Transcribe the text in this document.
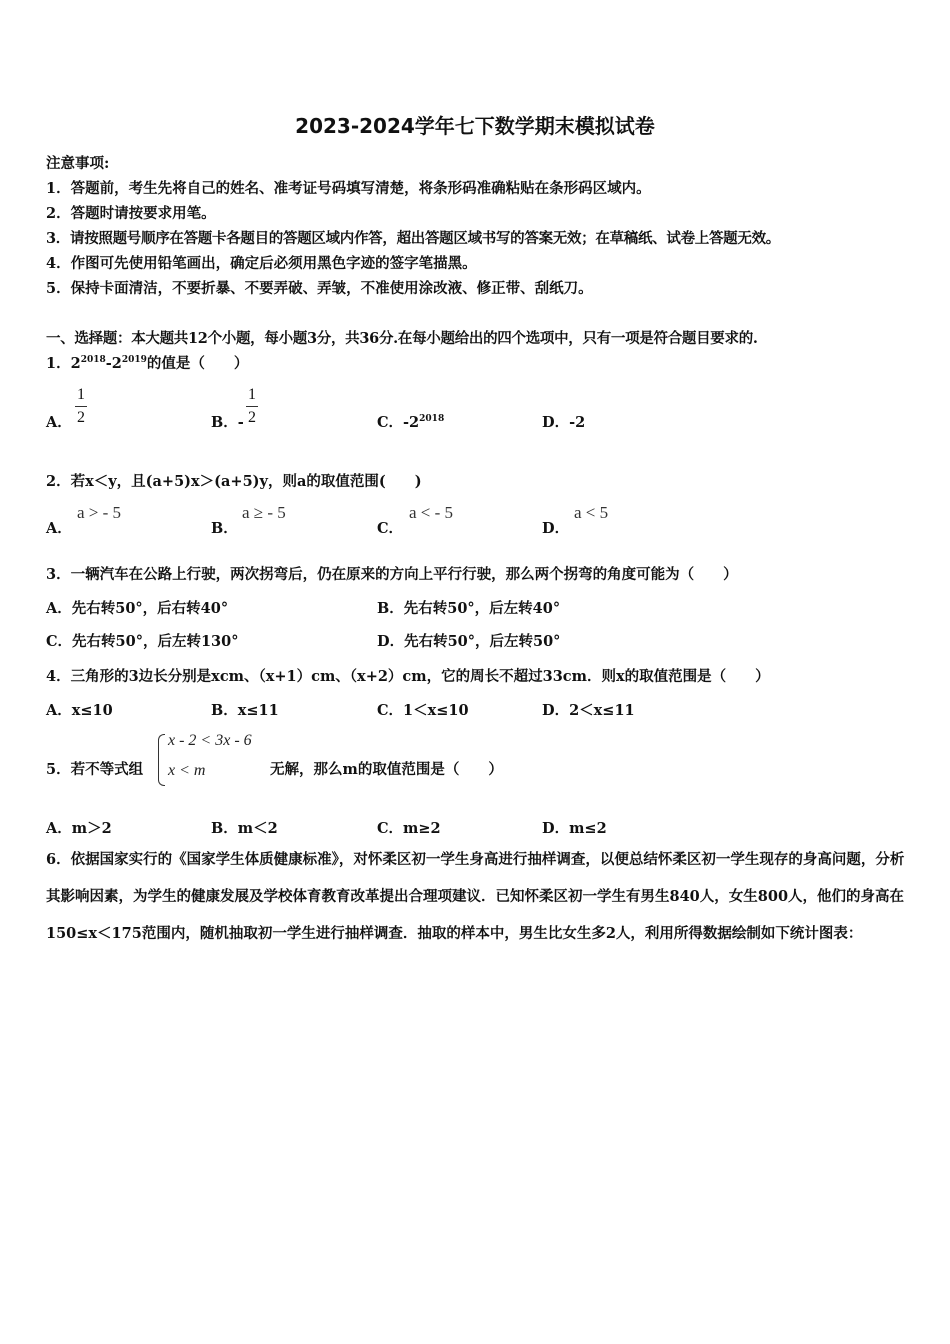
2023-2024学年七下数学期末模拟试卷
注意事项:
1．答题前，考生先将自己的姓名、准考证号码填写清楚，将条形码准确粘贴在条形码区域内。
2．答题时请按要求用笔。
3．请按照题号顺序在答题卡各题目的答题区域内作答，超出答题区域书写的答案无效；在草稿纸、试卷上答题无效。
4．作图可先使用铅笔画出，确定后必须用黑色字迹的签字笔描黑。
5．保持卡面清洁，不要折暴、不要弄破、弄皱，不准使用涂改液、修正带、刮纸刀。
一、选择题：本大题共12个小题，每小题3分，共36分.在每小题给出的四个选项中，只有一项是符合题目要求的.
1．$2^{2018}-2^{2019}$的值是（　　）
A．
1
2	B．-
1
2	C．$-2^{2018}$	D．-2
2．若x＜y，且(a+5)x＞(a+5)y，则a的取值范围(　　)
A．
a > - 5
B．
a ≥ - 5
C．
a < - 5
D．
a < 5
3．一辆汽车在公路上行驶，两次拐弯后，仍在原来的方向上平行行驶，那么两个拐弯的角度可能为（　　）
A．先右转50°，后右转40°	B．先右转50°，后左转40°
C．先右转50°，后左转130°	D．先右转50°，后左转50°
4．三角形的3边长分别是xcm、（x+1）cm、（x+2）cm，它的周长不超过33cm．则x的取值范围是（　　）
A．x≤10	B．x≤11	C．1＜x≤10	D．2＜x≤11
5．若不等式组
x - 2 < 3x - 6
x < m	无解，那么m的取值范围是（　　）
A．m＞2	B．m＜2	C．m≥2	D．m≤2
6．依据国家实行的《国家学生体质健康标准》，对怀柔区初一学生身高进行抽样调查，以便总结怀柔区初一学生现存的身高问题，分析其影响因素，为学生的健康发展及学校体育教育改革提出合理项建议．已知怀柔区初一学生有男生840人，女生800人，他们的身高在150≤x＜175范围内，随机抽取初一学生进行抽样调查．抽取的样本中，男生比女生多2人，利用所得数据绘制如下统计图表：
